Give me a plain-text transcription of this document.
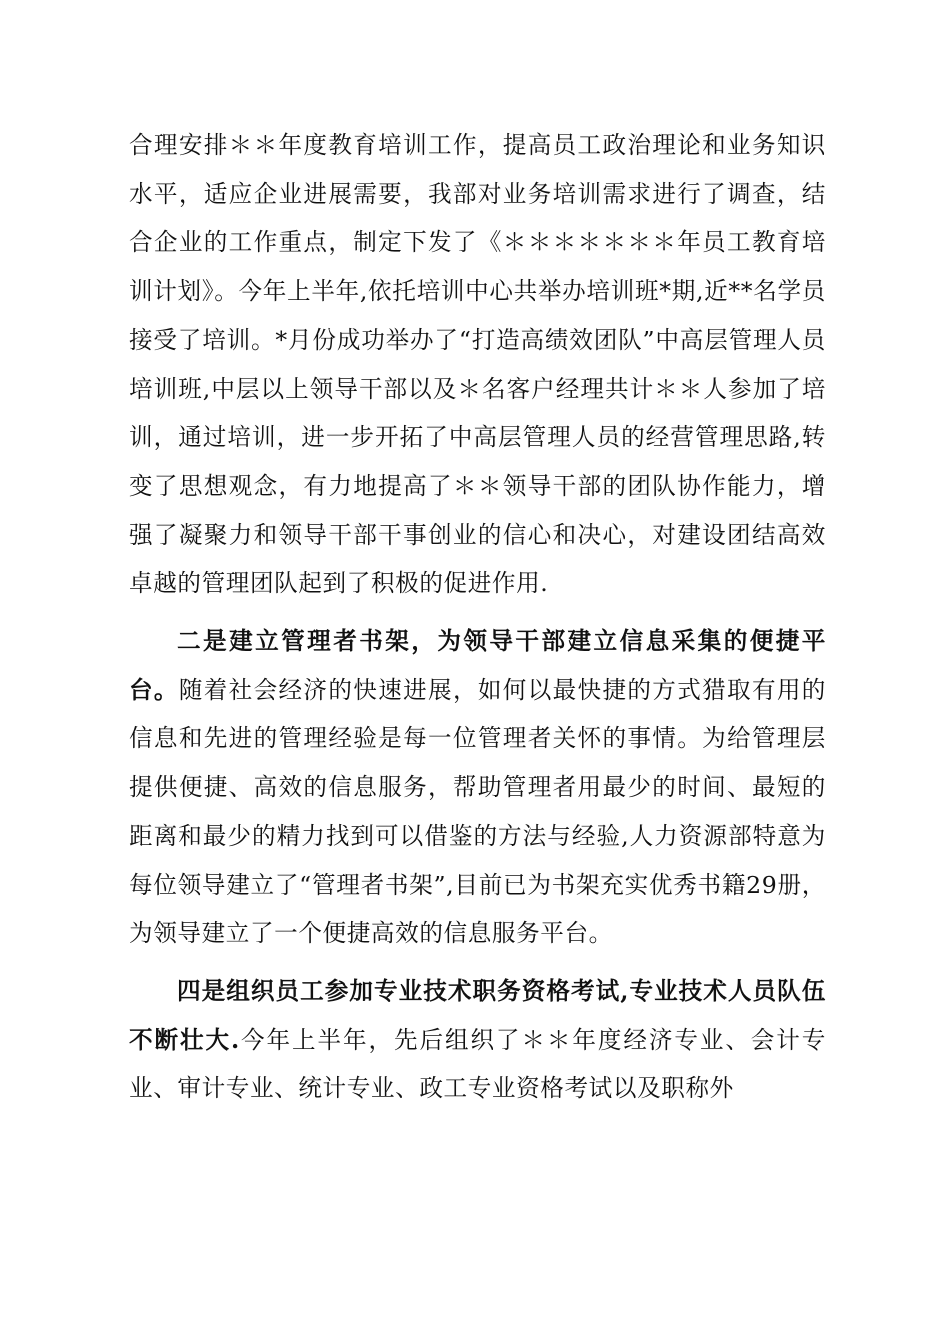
合理安排＊＊年度教育培训工作，提高员工政治理论和业务知识水平，适应企业进展需要，我部对业务培训需求进行了调查，结合企业的工作重点，制定下发了《＊＊＊＊＊＊＊年员工教育培训计划》。今年上半年,依托培训中心共举办培训班*期,近**名学员接受了培训。*月份成功举办了“打造高绩效团队”中高层管理人员培训班,中层以上领导干部以及＊名客户经理共计＊＊人参加了培训，通过培训，进一步开拓了中高层管理人员的经营管理思路,转变了思想观念，有力地提高了＊＊领导干部的团队协作能力，增强了凝聚力和领导干部干事创业的信心和决心，对建设团结高效卓越的管理团队起到了积极的促进作用.

二是建立管理者书架，为领导干部建立信息采集的便捷平台。随着社会经济的快速进展，如何以最快捷的方式猎取有用的信息和先进的管理经验是每一位管理者关怀的事情。为给管理层提供便捷、高效的信息服务，帮助管理者用最少的时间、最短的距离和最少的精力找到可以借鉴的方法与经验,人力资源部特意为每位领导建立了“管理者书架”,目前已为书架充实优秀书籍29册，为领导建立了一个便捷高效的信息服务平台。

四是组织员工参加专业技术职务资格考试,专业技术人员队伍不断壮大.今年上半年，先后组织了＊＊年度经济专业、会计专业、审计专业、统计专业、政工专业资格考试以及职称外
